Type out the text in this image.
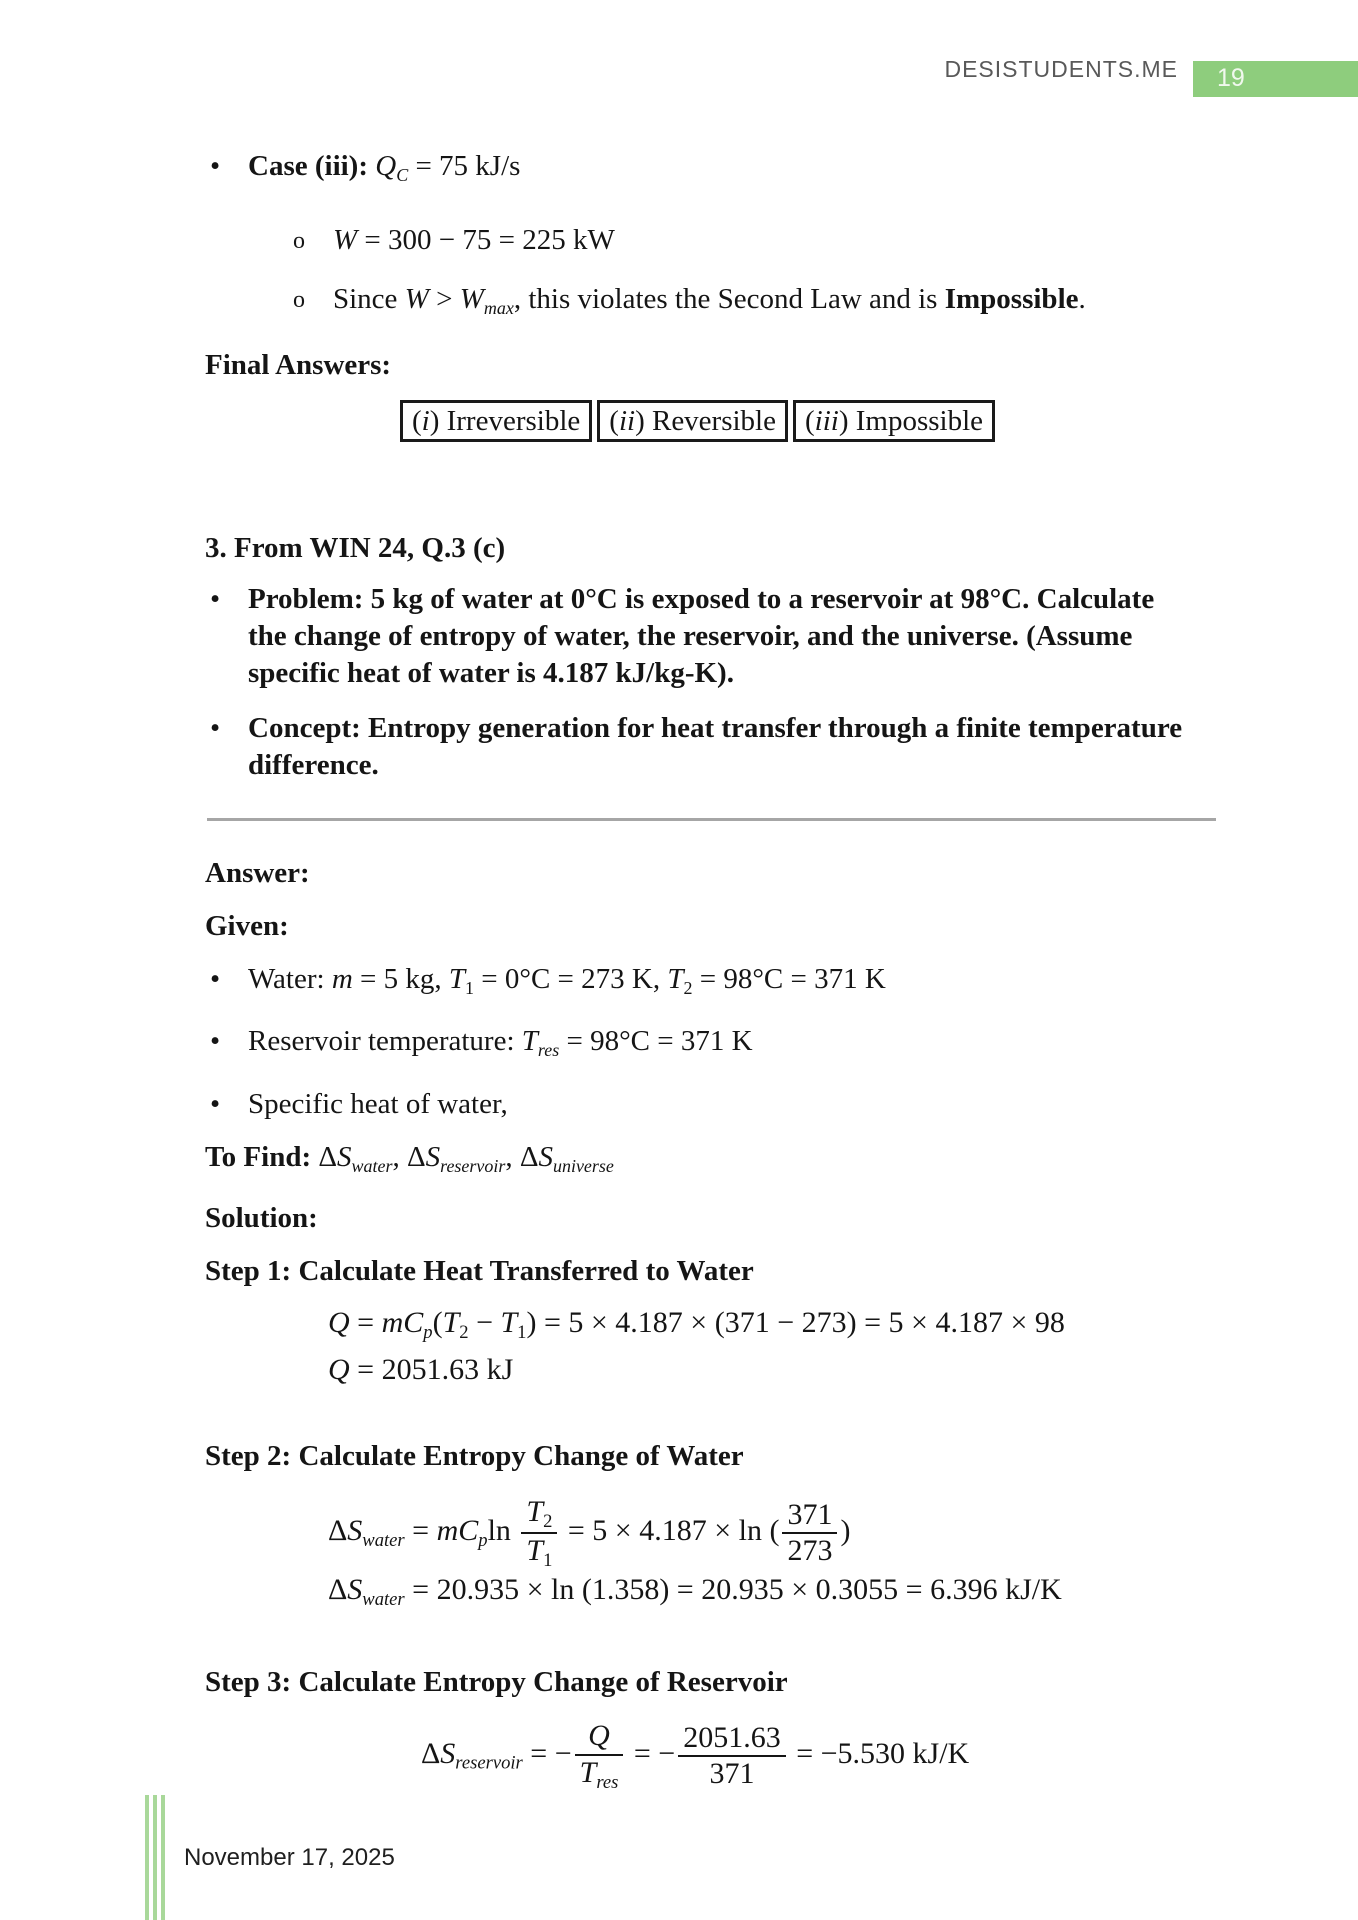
DESISTUDENTS.ME	19
• Case (iii): QC = 75 kJ/s
o W = 300 − 75 = 225 kW
o Since W > Wmax, this violates the Second Law and is Impossible.
Final Answers:
(i) Irreversible	(ii) Reversible	(iii) Impossible
3. From WIN 24, Q.3 (c)
• Problem: 5 kg of water at 0°C is exposed to a reservoir at 98°C. Calculate the change of entropy of water, the reservoir, and the universe. (Assume specific heat of water is 4.187 kJ/kg-K).
• Concept: Entropy generation for heat transfer through a finite temperature difference.
Answer:
Given:
• Water: m = 5 kg, $T_1 = 0^\circ C = 273$ K, $T_2 = 98^\circ C = 371$ K
• Reservoir temperature: Tres = 98°C = 371 K
• Specific heat of water,
To Find: ΔSwater, ΔSreservoir, ΔSuniverse
Solution:
Step 1: Calculate Heat Transferred to Water
$Q = mCp(T_2 - T_1) = 5 \times 4.187 \times (371 - 273) = 5 \times 4.187 \times 98$
Q = 2051.63 kJ
Step 2: Calculate Entropy Change of Water
ΔSwater = mCpln $\frac{T_2}{T_1} = 5 \times 4.187 \times \ln$ ( $\frac{371}{273}$ )
ΔSwater = 20.935 × ln (1.358) = 20.935 × 0.3055 = 6.396 kJ/K
Step 3: Calculate Entropy Change of Reservoir
ΔSreservoir = − $\frac{Q}{\text{Tres}}$ = − $\frac{2051.63}{371} = -5.530$ kJ/K
November 17, 2025
